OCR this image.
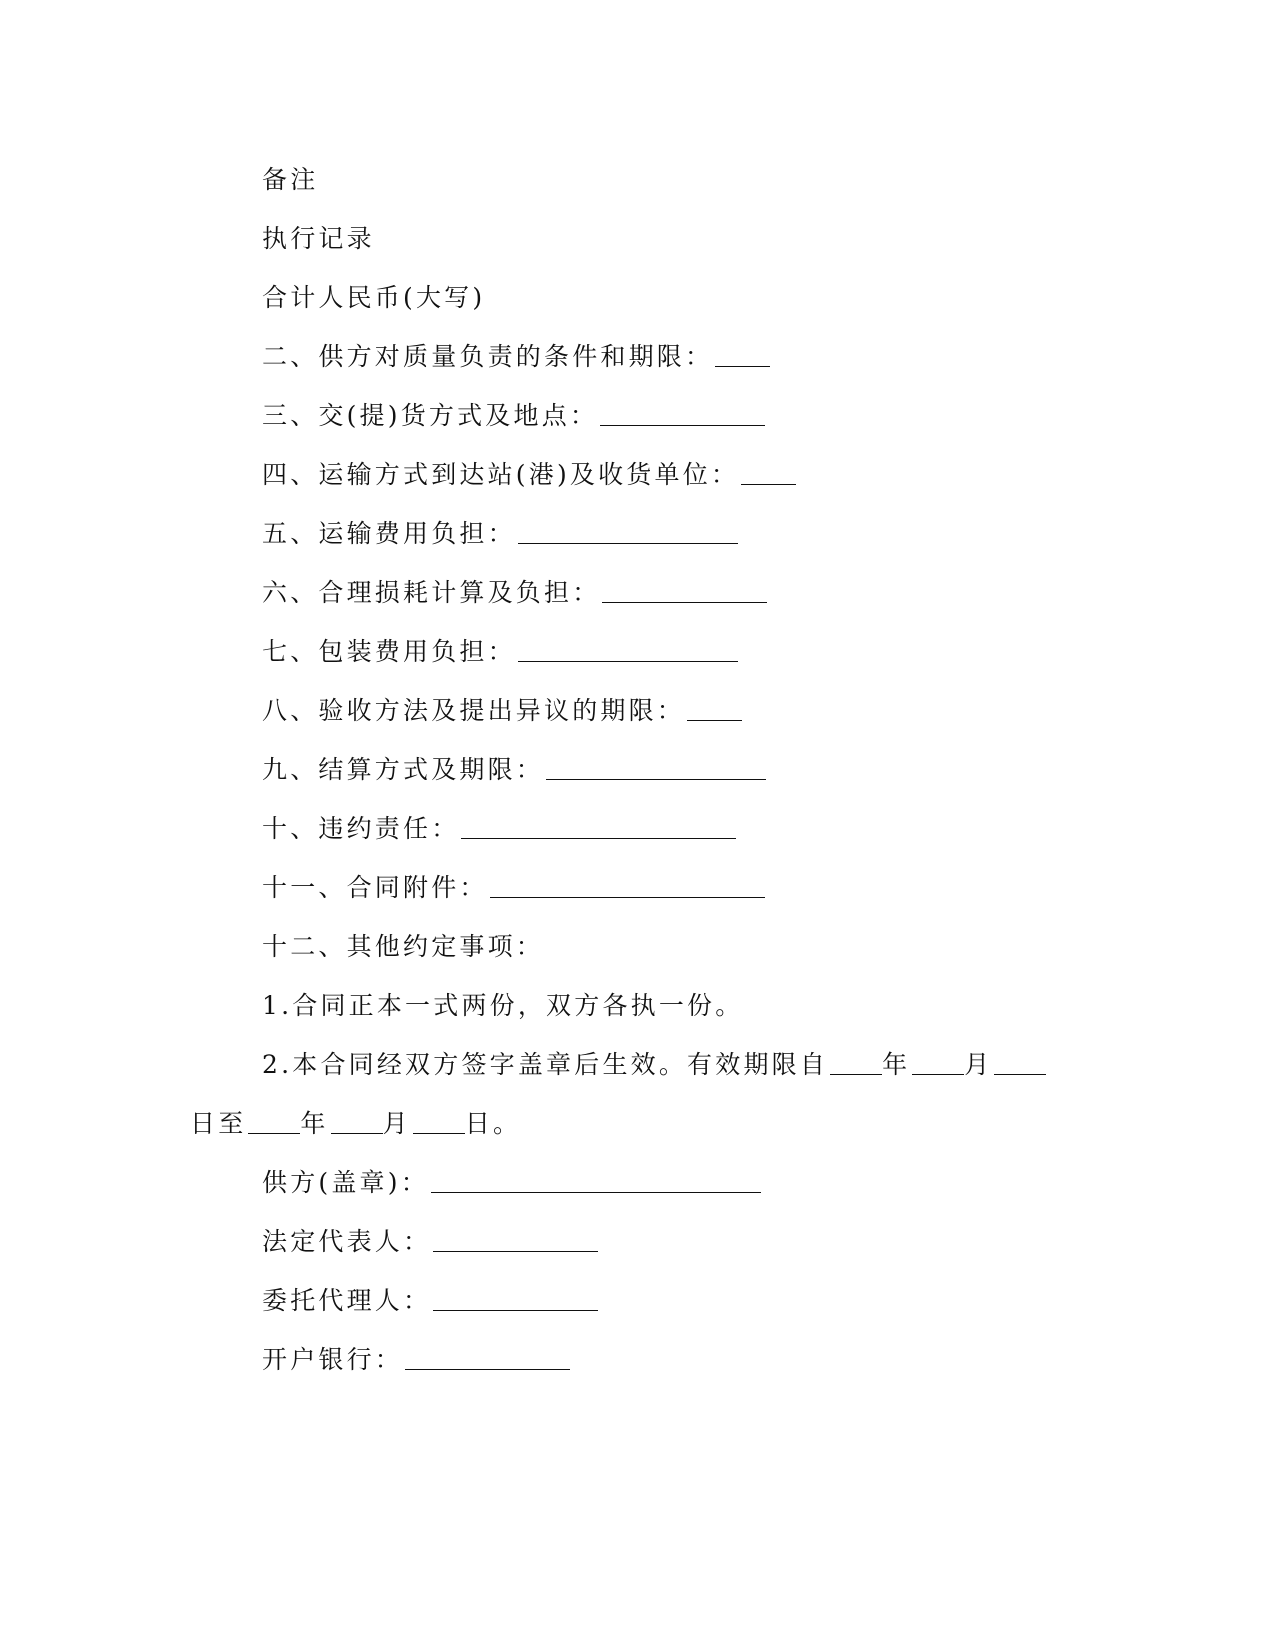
备注
执行记录
合计人民币(大写)
二、供方对质量负责的条件和期限：
三、交(提)货方式及地点：
四、运输方式到达站(港)及收货单位：
五、运输费用负担：
六、合理损耗计算及负担：
七、包装费用负担：
八、验收方法及提出异议的期限：
九、结算方式及期限：
十、违约责任：
十一、合同附件：
十二、其他约定事项：
1.合同正本一式两份，双方各执一份。
2.本合同经双方签字盖章后生效。有效期限自 年 月
日至 年 月 日。
供方(盖章)：
法定代表人：
委托代理人：
开户银行：
